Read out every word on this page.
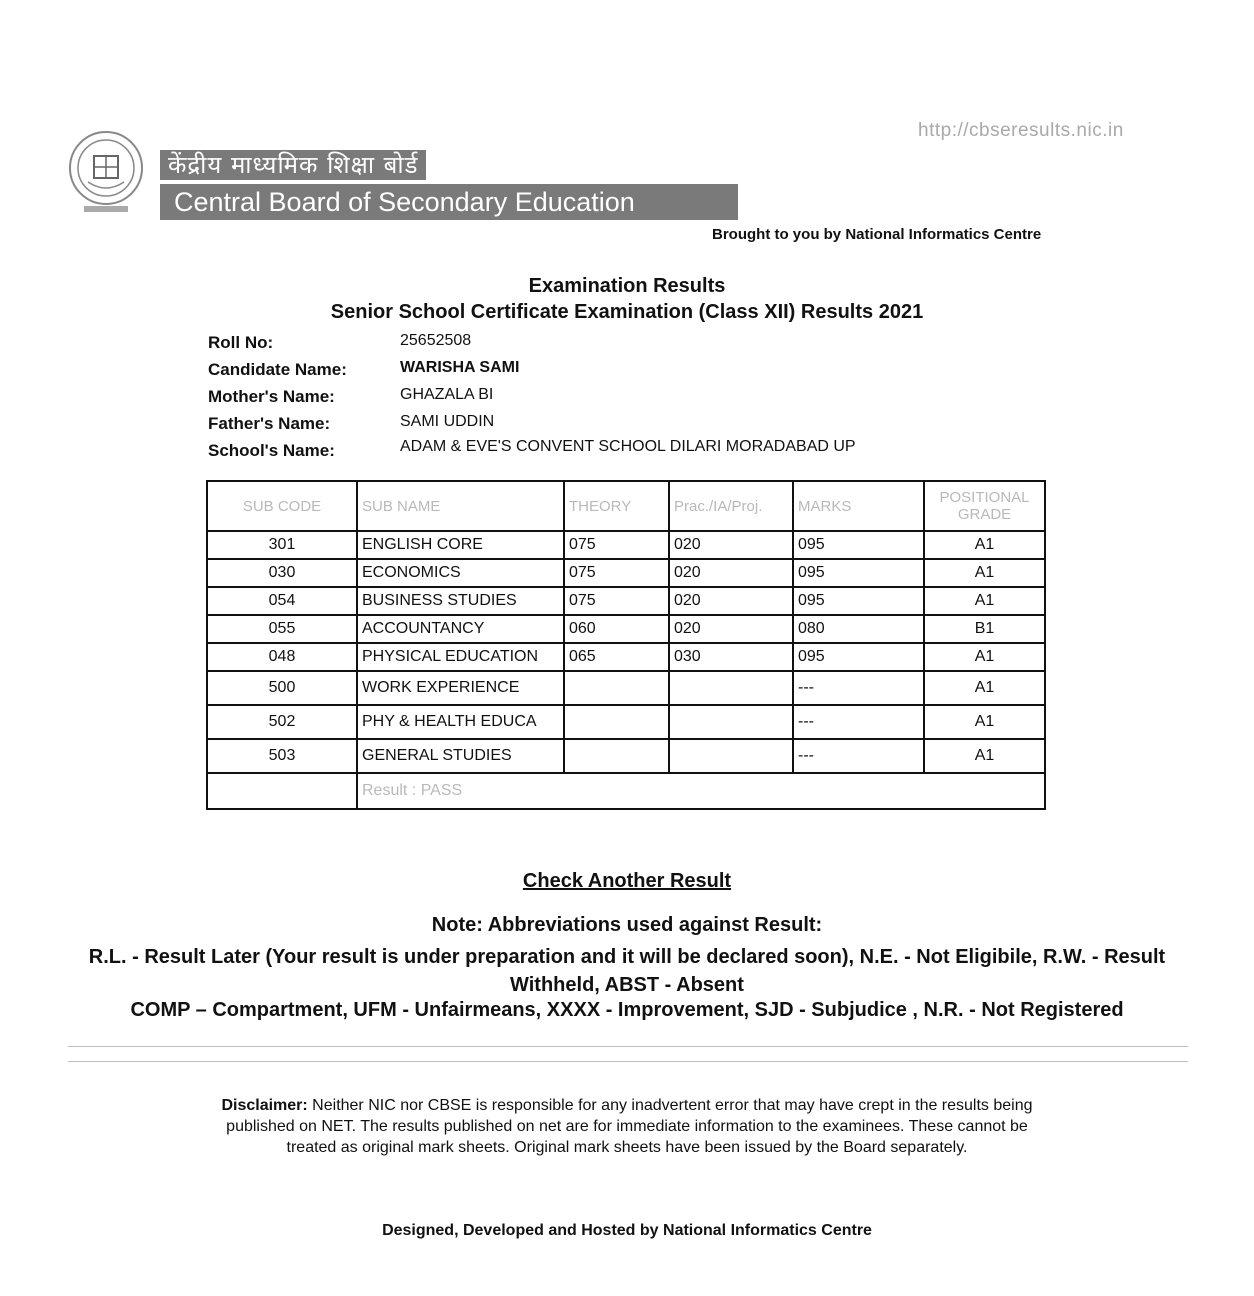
केंद्रीय माध्यमिक शिक्षा बोर्ड
Central Board of Secondary Education
http://cbseresults.nic.in
Brought to you by National Informatics Centre
Examination Results
Senior School Certificate Examination (Class XII) Results 2021
Roll No:	25652508
Candidate Name:	WARISHA SAMI
Mother's Name:	GHAZALA BI
Father's Name:	SAMI UDDIN
School's Name:	ADAM & EVE'S CONVENT SCHOOL DILARI MORADABAD UP
SUB CODE	SUB NAME	THEORY	Prac./IA/Proj.	MARKS	POSITIONAL
GRADE
301	ENGLISH CORE	075	020	095	A1
030	ECONOMICS	075	020	095	A1
054	BUSINESS STUDIES	075	020	095	A1
055	ACCOUNTANCY	060	020	080	B1
048	PHYSICAL EDUCATION	065	030	095	A1
500	WORK EXPERIENCE			---	A1
502	PHY & HEALTH EDUCA			---	A1
503	GENERAL STUDIES			---	A1
	Result : PASS				
Check Another Result
Note: Abbreviations used against Result:
R.L. - Result Later (Your result is under preparation and it will be declared soon), N.E. - Not Eligibile, R.W. - Result Withheld, ABST - Absent
COMP – Compartment, UFM - Unfairmeans, XXXX - Improvement, SJD - Subjudice , N.R. - Not Registered
Disclaimer: Neither NIC nor CBSE is responsible for any inadvertent error that may have crept in the results being published on NET. The results published on net are for immediate information to the examinees. These cannot be treated as original mark sheets. Original mark sheets have been issued by the Board separately.
Designed, Developed and Hosted by National Informatics Centre
